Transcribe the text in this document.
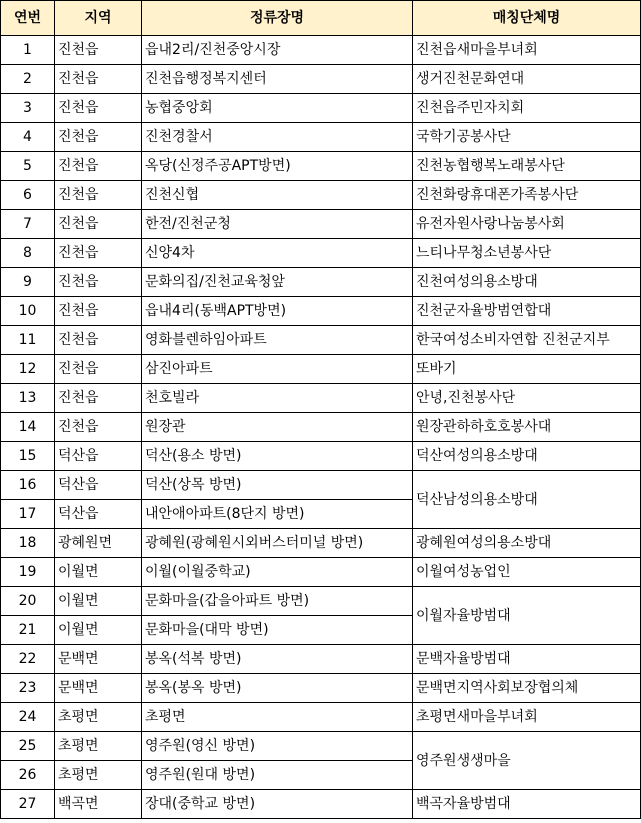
연번	지역	정류장명	매칭단체명
1	진천읍	읍내2리/진천중앙시장	진천읍새마을부녀회
2	진천읍	진천읍행정복지센터	생거진천문화연대
3	진천읍	농협중앙회	진천읍주민자치회
4	진천읍	진천경찰서	국학기공봉사단
5	진천읍	옥당(신정주공APT방면)	진천농협행복노래봉사단
6	진천읍	진천신협	진천화랑휴대폰가족봉사단
7	진천읍	한전/진천군청	유전자원사랑나눔봉사회
8	진천읍	신양4차	느티나무청소년봉사단
9	진천읍	문화의집/진천교육청앞	진천여성의용소방대
10	진천읍	읍내4리(동백APT방면)	진천군자율방범연합대
11	진천읍	영화블렌하임아파트	한국여성소비자연합 진천군지부
12	진천읍	삼진아파트	또바기
13	진천읍	천호빌라	안녕,진천봉사단
14	진천읍	원장관	원장관하하호호봉사대
15	덕산읍	덕산(용소 방면)	덕산여성의용소방대
16	덕산읍	덕산(상목 방면)	덕산남성의용소방대
17	덕산읍	내안애아파트(8단지 방면)	
18	광혜원면	광혜원(광혜원시외버스터미널 방면)	광혜원여성의용소방대
19	이월면	이월(이월중학교)	이월여성농업인
20	이월면	문화마을(갑을아파트 방면)	이월자율방범대
21	이월면	문화마을(대막 방면)	
22	문백면	봉옥(석복 방면)	문백자율방범대
23	문백면	봉옥(봉옥 방면)	문백면지역사회보장협의체
24	초평면	초평면	초평면새마을부녀회
25	초평면	영주원(영신 방면)	영주원생생마을
26	초평면	영주원(원대 방면)	
27	백곡면	장대(중학교 방면)	백곡자율방범대
